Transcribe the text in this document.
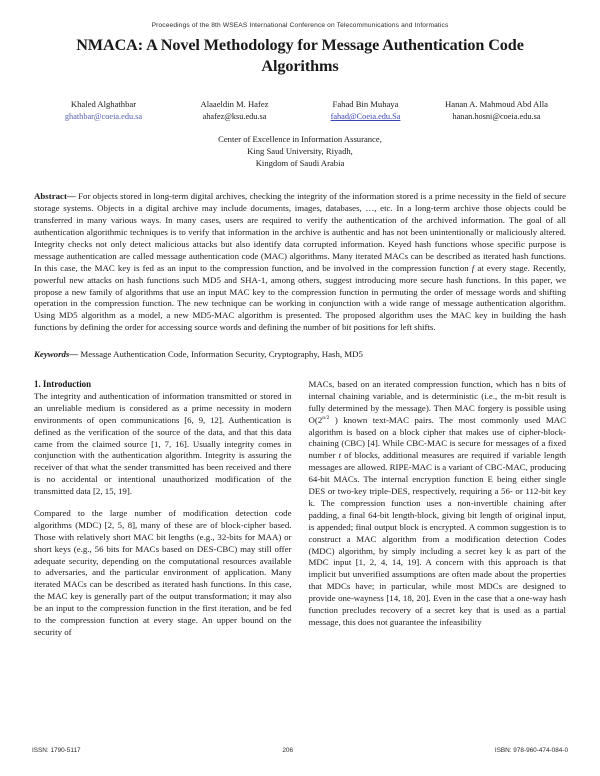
Proceedings of the 8th WSEAS International Conference on Telecommunications and Informatics
NMACA: A Novel Methodology for Message Authentication Code Algorithms
Khaled Alghathbar
ghathbar@coeia.edu.sa
Alaaeldin M. Hafez
ahafez@ksu.edu.sa
Fahad Bin Muhaya
fahad@Coeia.edu.Sa
Hanan A. Mahmoud Abd Alla
hanan.hosni@coeia.edu.sa
Center of Excellence in Information Assurance,
King Saud University, Riyadh,
Kingdom of Saudi Arabia
Abstract— For objects stored in long-term digital archives, checking the integrity of the information stored is a prime necessity in the field of secure storage systems. Objects in a digital archive may include documents, images, databases, …, etc. In a long-term archive those objects could be transferred in many various ways. In many cases, users are required to verify the authentication of the archived information. The goal of all authentication algorithmic techniques is to verify that information in the archive is authentic and has not been unintentionally or maliciously altered. Integrity checks not only detect malicious attacks but also identify data corrupted information. Keyed hash functions whose specific purpose is message authentication are called message authentication code (MAC) algorithms. Many iterated MACs can be described as iterated hash functions. In this case, the MAC key is fed as an input to the compression function, and be involved in the compression function f at every stage. Recently, powerful new attacks on hash functions such MD5 and SHA-1, among others, suggest introducing more secure hash functions. In this paper, we propose a new family of algorithms that use an input MAC key to the compression function in permuting the order of message words and shifting operation in the compression function. The new technique can be working in conjunction with a wide range of message authentication algorithm. Using MD5 algorithm as a model, a new MD5-MAC algorithm is presented. The proposed algorithm uses the MAC key in building the hash functions by defining the order for accessing source words and defining the number of bit positions for left shifts.
Keywords— Message Authentication Code, Information Security, Cryptography, Hash, MD5
1. Introduction

The integrity and authentication of information transmitted or stored in an unreliable medium is considered as a prime necessity in modern environments of open communications [6, 9, 12]. Authentication is defined as the verification of the source of the data, and that this data came from the claimed source [1, 7, 16]. Usually integrity comes in conjunction with the authentication algorithm. Integrity is assuring the receiver of that what the sender transmitted has been received and there is no accidental or intentional unauthorized modification of the transmitted data [2, 15, 19].

Compared to the large number of modification detection code algorithms (MDC) [2, 5, 8], many of these are of block-cipher based. Those with relatively short MAC bit lengths (e.g., 32-bits for MAA) or short keys (e.g., 56 bits for MACs based on DES-CBC) may still offer adequate security, depending on the computational resources available to adversaries, and the particular environment of application. Many iterated MACs can be described as iterated hash functions. In this case, the MAC key is generally part of the output transformation; it may also be an input to the compression function in the first iteration, and be fed to the compression function at every stage. An upper bound on the security of

MACs, based on an iterated compression function, which has n bits of internal chaining variable, and is deterministic (i.e., the m-bit result is fully determined by the message). Then MAC forgery is possible using $O(2^{n/2}$ ) known text-MAC pairs. The most commonly used MAC algorithm is based on a block cipher that makes use of cipher-block-chaining (CBC) [4]. While CBC-MAC is secure for messages of a fixed number t of blocks, additional measures are required if variable length messages are allowed. RIPE-MAC is a variant of CBC-MAC, producing 64-bit MACs. The internal encryption function E being either single DES or two-key triple-DES, respectively, requiring a 56- or 112-bit key k. The compression function uses a non-invertible chaining after padding, a final 64-bit length-block, giving bit length of original input, is appended; final output block is encrypted. A common suggestion is to construct a MAC algorithm from a modification detection Codes (MDC) algorithm, by simply including a secret key k as part of the MDC input [1, 2, 4, 14, 19]. A concern with this approach is that implicit but unverified assumptions are often made about the properties that MDCs have; in particular, while most MDCs are designed to provide one-wayness [14, 18, 20]. Even in the case that a one-way hash function precludes recovery of a secret key that is used as a partial message, this does not guarantee the infeasibility

ISSN: 1790-5117	206	ISBN: 978-960-474-084-0
